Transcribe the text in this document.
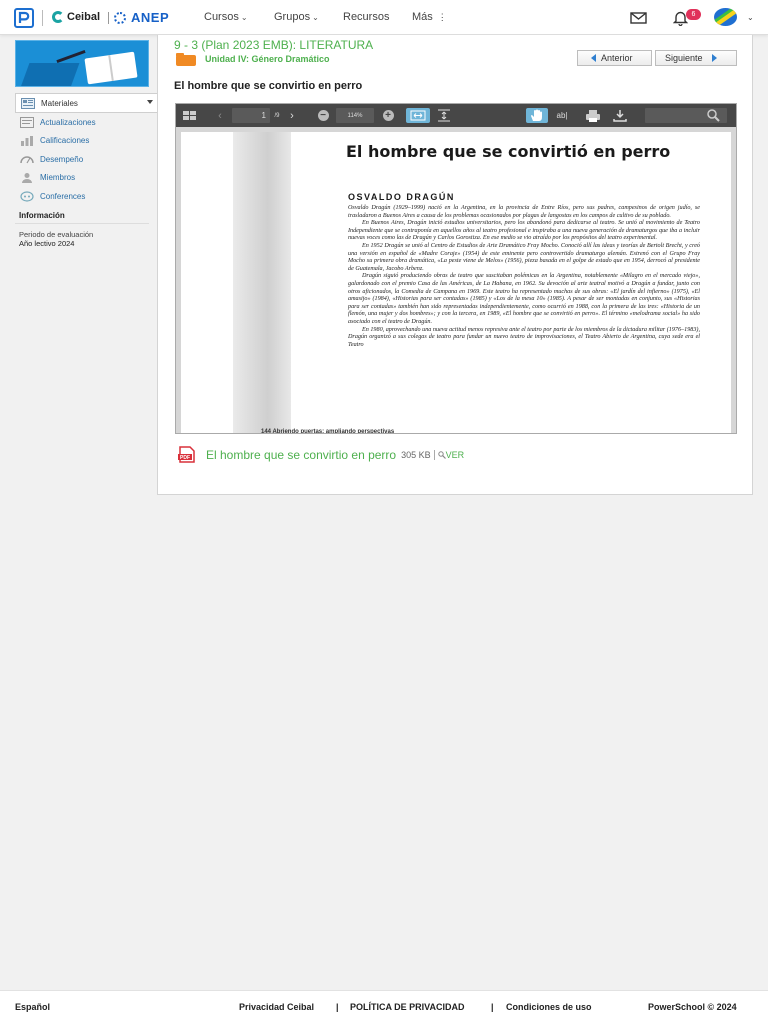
Ceibal ANEP	Cursos ⌄ Grupos ⌄ Recursos Más ⋮	6	⌄
Materiales
Actualizaciones
Calificaciones
Desempeño
Miembros
Conferences
Información
Periodo de evaluación
Año lectivo 2024
9 - 3 (Plan 2023 EMB): LITERATURA
Unidad IV: Género Dramático	Anterior	Siguiente
El hombre que se convirtio en perro
‹	1	/9 ›	−	114% +	ab|
El hombre que se convirtió en perro
OSVALDO DRAGÚN

Osvaldo Dragún (1929–1999) nació en la Argentina, en la provincia de Entre Ríos, pero sus padres, campesinos de origen judío, se trasladaron a Buenos Aires a causa de los problemas ocasionados por plagas de langostas en los campos de cultivo de su poblado.

En Buenos Aires, Dragún inició estudios universitarios, pero los abandonó para dedicarse al teatro. Se unió al movimiento de Teatro Independiente que se contraponía en aquellos años al teatro profesional e inspiraba a una nueva generación de dramaturgos que iba a incluir nuevas voces como las de Dragún y Carlos Gorostiza. En ese medio se vio atraído por los propósitos del teatro experimental.

En 1952 Dragún se unió al Centro de Estudios de Arte Dramático Fray Mocho. Conoció allí las ideas y teorías de Bertolt Brecht, y creó una versión en español de «Madre Coraje» (1954) de este eminente pero controvertido dramaturgo alemán. Estrenó con el Grupo Fray Mocho su primera obra dramática, «La peste viene de Melos» (1956), pieza basada en el golpe de estado que en 1954, derrocó al presidente de Guatemala, Jacobo Arbenz.

Dragún siguió produciendo obras de teatro que suscitaban polémicas en la Argentina, notablemente «Milagro en el mercado viejo», galardonado con el premio Casa de las Américas, de La Habana, en 1962. Su devoción al arte teatral motivó a Dragún a fundar, junto con otros aficionados, la Comedia de Campana en 1969. Este teatro ha representado muchas de sus obras: «El jardín del infierno» (1975), «El amasijo» (1984), «Historias para ser contadas» (1985) y «Los de la mesa 10» (1985). A pesar de ser montadas en conjunto, sus «Historias para ser contadas» también han sido representadas independientemente, como ocurrió en 1988, con la primera de las tres: «Historia de un flemón, una mujer y dos hombres»; y con la tercera, en 1989, «El hombre que se convirtió en perro». El término «melodrama social» ha sido asociado con el teatro de Dragún.

En 1980, aprovechando una nueva actitud menos represiva ante el teatro por parte de los miembros de la dictadura militar (1976–1983), Dragún organizó a sus colegas de teatro para fundar un nuevo teatro de improvisaciones, el Teatro Abierto de Argentina, cuya sede era el Teatro

144 Abriendo puertas: ampliando perspectivas
PDF El hombre que se convirtio en perro 305 KB VER
Español	Privacidad Ceibal | POLÍTICA DE PRIVACIDAD	| Condiciones de uso	PowerSchool © 2024
